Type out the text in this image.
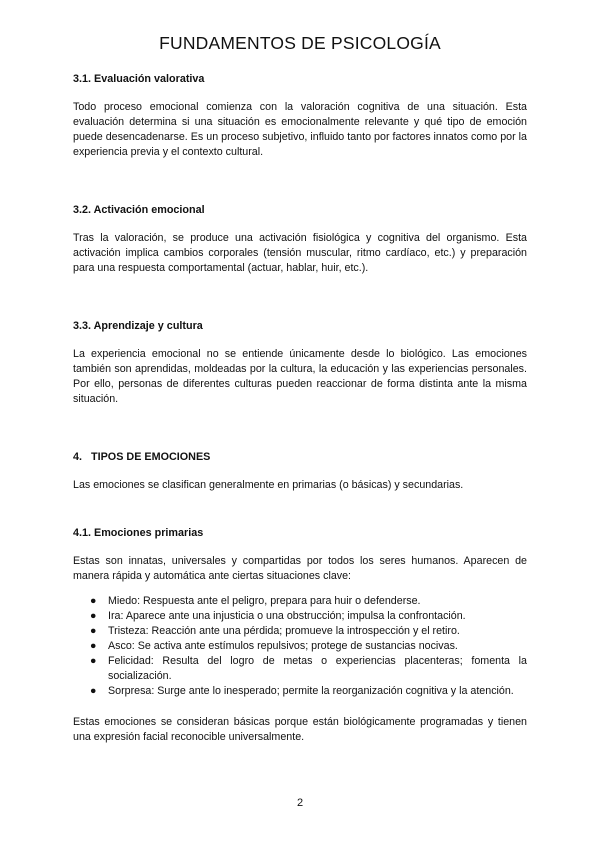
FUNDAMENTOS DE PSICOLOGÍA
3.1. Evaluación valorativa

Todo proceso emocional comienza con la valoración cognitiva de una situación. Esta evaluación determina si una situación es emocionalmente relevante y qué tipo de emoción puede desencadenarse. Es un proceso subjetivo, influido tanto por factores innatos como por la experiencia previa y el contexto cultural.

3.2. Activación emocional

Tras la valoración, se produce una activación fisiológica y cognitiva del organismo. Esta activación implica cambios corporales (tensión muscular, ritmo cardíaco, etc.) y preparación para una respuesta comportamental (actuar, hablar, huir, etc.).

3.3. Aprendizaje y cultura

La experiencia emocional no se entiende únicamente desde lo biológico. Las emociones también son aprendidas, moldeadas por la cultura, la educación y las experiencias personales. Por ello, personas de diferentes culturas pueden reaccionar de forma distinta ante la misma situación.

4.   TIPOS DE EMOCIONES

Las emociones se clasifican generalmente en primarias (o básicas) y secundarias.

4.1. Emociones primarias

Estas son innatas, universales y compartidas por todos los seres humanos. Aparecen de manera rápida y automática ante ciertas situaciones clave:

● Miedo: Respuesta ante el peligro, prepara para huir o defenderse.
● Ira: Aparece ante una injusticia o una obstrucción; impulsa la confrontación.
● Tristeza: Reacción ante una pérdida; promueve la introspección y el retiro.
● Asco: Se activa ante estímulos repulsivos; protege de sustancias nocivas.
● Felicidad: Resulta del logro de metas o experiencias placenteras; fomenta la socialización.
● Sorpresa: Surge ante lo inesperado; permite la reorganización cognitiva y la atención.

Estas emociones se consideran básicas porque están biológicamente programadas y tienen una expresión facial reconocible universalmente.

2
